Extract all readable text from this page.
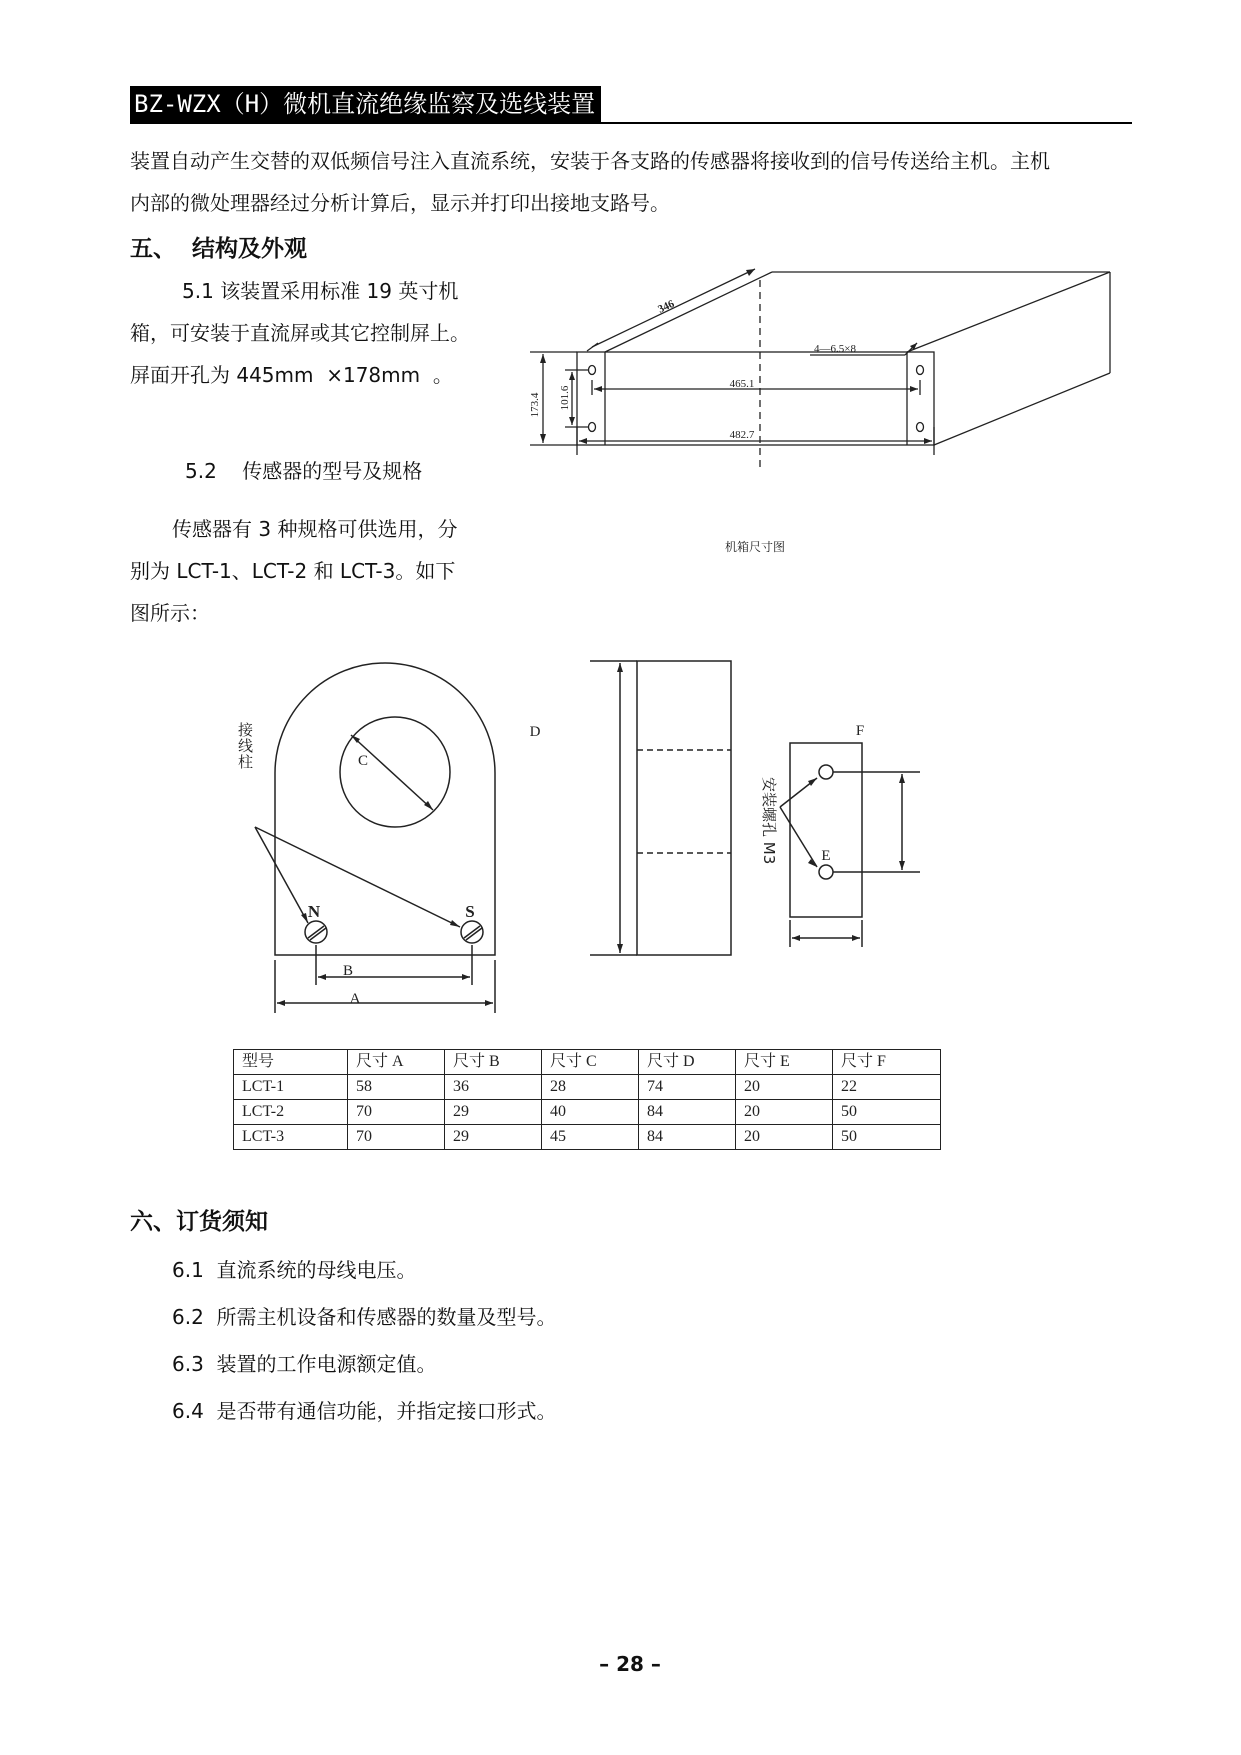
BZ-WZX（H）微机直流绝缘监察及选线装置
装置自动产生交替的双低频信号注入直流系统，安装于各支路的传感器将接收到的信号传送给主机。主机
内部的微处理器经过分析计算后，显示并打印出接地支路号。
五、  结构及外观
5.1 该装置采用标准 19 英寸机
箱，可安装于直流屏或其它控制屏上。
屏面开孔为 445mm  ×178mm  。
5.2    传感器的型号及规格
传感器有 3 种规格可供选用，分
别为 LCT-1、LCT-2 和 LCT-3。如下
图所示：
346
173.4 101.6
465.1
482.7
4—6.5×8
机箱尺寸图
C
B
A
D	F
E
N	S
接
线
柱
安装螺孔 M3
型号	尺寸 A	尺寸 B	尺寸 C	尺寸 D	尺寸 E	尺寸 F
LCT-1	58	36	28	74	20	22
LCT-2	70	29	40	84	20	50
LCT-3	70	29	45	84	20	50
六、订货须知
6.1  直流系统的母线电压。
6.2  所需主机设备和传感器的数量及型号。
6.3  装置的工作电源额定值。
6.4  是否带有通信功能，并指定接口形式。
– 28 –
